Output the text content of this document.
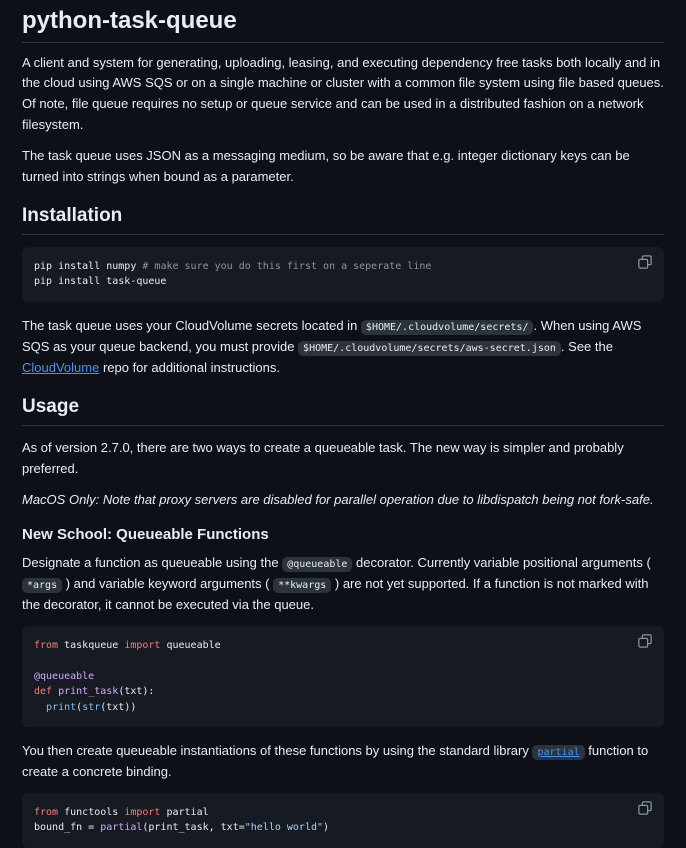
python-task-queue

A client and system for generating, uploading, leasing, and executing dependency free tasks both locally and in the cloud using AWS SQS or on a single machine or cluster with a common file system using file based queues. Of note, file queue requires no setup or queue service and can be used in a distributed fashion on a network filesystem.

The task queue uses JSON as a messaging medium, so be aware that e.g. integer dictionary keys can be turned into strings when bound as a parameter.

Installation
pip install numpy # make sure you do this first on a seperate line
pip install task-queue

The task queue uses your CloudVolume secrets located in $HOME/.cloudvolume/secrets/ . When using AWS SQS as your queue backend, you must provide $HOME/.cloudvolume/secrets/aws-secret.json . See the CloudVolume repo for additional instructions.

Usage

As of version 2.7.0, there are two ways to create a queueable task. The new way is simpler and probably preferred.

MacOS Only: Note that proxy servers are disabled for parallel operation due to libdispatch being not fork-safe.

New School: Queueable Functions

Designate a function as queueable using the @queueable decorator. Currently variable positional arguments ( *args ) and variable keyword arguments ( **kwargs ) are not yet supported. If a function is not marked with the decorator, it cannot be executed via the queue.

from taskqueue import queueable

@queueable
def print_task(txt):
print(str(txt))

You then create queueable instantiations of these functions by using the standard library partial function to create a concrete binding.

from functools import partial
bound_fn = partial(print_task, txt="hello world")
